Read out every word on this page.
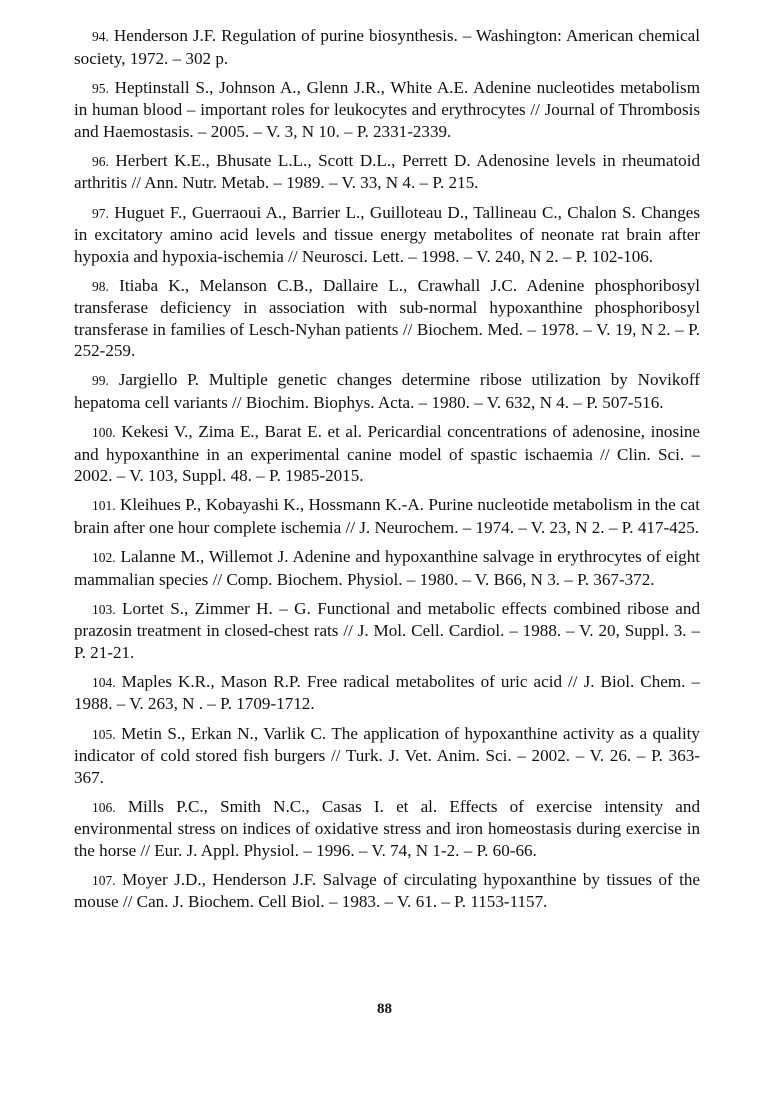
94. Henderson J.F. Regulation of purine biosynthesis. – Washington: American chemical society, 1972. – 302 p.

95. Heptinstall S., Johnson A., Glenn J.R., White A.E. Adenine nucleotides metabolism in human blood – important roles for leukocytes and erythrocytes // Journal of Thrombosis and Haemostasis. – 2005. – V. 3, N 10. – P. 2331-2339.

96. Herbert K.E., Bhusate L.L., Scott D.L., Perrett D. Adenosine levels in rheumatoid arthritis // Ann. Nutr. Metab. – 1989. – V. 33, N 4. – P. 215.

97. Huguet F., Guerraoui A., Barrier L., Guilloteau D., Tallineau C., Chalon S. Changes in excitatory amino acid levels and tissue energy metabolites of neonate rat brain after hypoxia and hypoxia-ischemia // Neurosci. Lett. – 1998. – V. 240, N 2. – P. 102-106.

98. Itiaba K., Melanson C.B., Dallaire L., Crawhall J.C. Adenine phosphoribosyl transferase deficiency in association with sub-normal hypoxanthine phosphoribosyl transferase in families of Lesch-Nyhan patients // Biochem. Med. – 1978. – V. 19, N 2. – P. 252-259.

99. Jargiello P. Multiple genetic changes determine ribose utilization by Novikoff hepatoma cell variants // Biochim. Biophys. Acta. – 1980. – V. 632, N 4. – P. 507-516.

100. Kekesi V., Zima E., Barat E. et al. Pericardial concentrations of adenosine, inosine and hypoxanthine in an experimental canine model of spastic ischaemia // Clin. Sci. – 2002. – V. 103, Suppl. 48. – P. 1985-2015.

101. Kleihues P., Kobayashi K., Hossmann K.-A. Purine nucleotide metabolism in the cat brain after one hour complete ischemia // J. Neurochem. – 1974. – V. 23, N 2. – P. 417-425.

102. Lalanne M., Willemot J. Adenine and hypoxanthine salvage in erythrocytes of eight mammalian species // Comp. Biochem. Physiol. – 1980. – V. B66, N 3. – P. 367-372.

103. Lortet S., Zimmer H. – G. Functional and metabolic effects combined ribose and prazosin treatment in closed-chest rats // J. Mol. Cell. Cardiol. – 1988. – V. 20, Suppl. 3. – P. 21-21.

104. Maples K.R., Mason R.P. Free radical metabolites of uric acid // J. Biol. Chem. – 1988. – V. 263, N . – P. 1709-1712.

105. Metin S., Erkan N., Varlik C. The application of hypoxanthine activity as a quality indicator of cold stored fish burgers // Turk. J. Vet. Anim. Sci. – 2002. – V. 26. – P. 363-367.

106. Mills P.C., Smith N.C., Casas I. et al. Effects of exercise intensity and environmental stress on indices of oxidative stress and iron homeostasis during exercise in the horse // Eur. J. Appl. Physiol. – 1996. – V. 74, N 1-2. – P. 60-66.

107. Moyer J.D., Henderson J.F. Salvage of circulating hypoxanthine by tissues of the mouse // Can. J. Biochem. Cell Biol. – 1983. – V. 61. – P. 1153-1157.

88
